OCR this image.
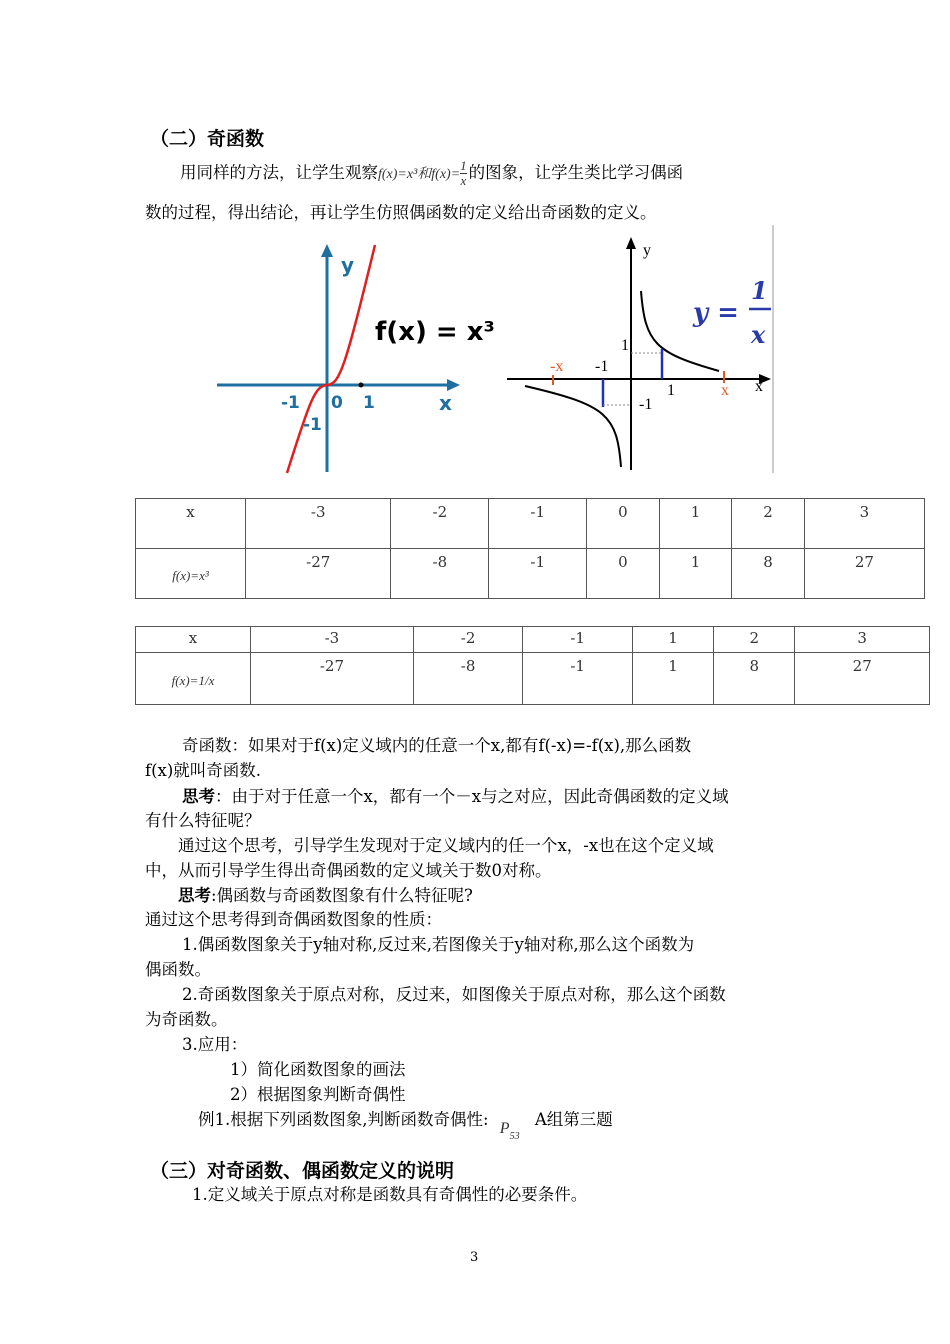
（二）奇函数
用同样的方法，让学生观察f(x)=x³和$f(x)= \frac{1}{x}$ 的图象，让学生类比学习偶函
数的过程，得出结论，再让学生仿照偶函数的定义给出奇函数的定义。
y
x
-1 0 1
-1
f(x) = x³
y
x
-x -1
1
-1
1	x
y =
1
x
x	-3	-2	-1	0	1	2	3
f(x)=x³	-27	-8	-1	0	1	8	27
x	-3	-2	-1	1	2	3
f(x)=1/x	-27	-8	-1	1	8	27
奇函数：如果对于f(x)定义域内的任意一个x,都有f(-x)=-f(x),那么函数
f(x)就叫奇函数.
思考：由于对于任意一个x，都有一个－x与之对应，因此奇偶函数的定义域
有什么特征呢？
通过这个思考，引导学生发现对于定义域内的任一个x，-x也在这个定义域
中，从而引导学生得出奇偶函数的定义域关于数0对称。
思考:偶函数与奇函数图象有什么特征呢?
通过这个思考得到奇偶函数图象的性质：
1.偶函数图象关于y轴对称,反过来,若图像关于y轴对称,那么这个函数为
偶函数。
2.奇函数图象关于原点对称，反过来，如图像关于原点对称，那么这个函数
为奇函数。
3.应用：
1）简化函数图象的画法
2）根据图象判断奇偶性
例1.根据下列函数图象,判断函数奇偶性: $P_{53}$ A组第三题
（三）对奇函数、偶函数定义的说明
1.定义域关于原点对称是函数具有奇偶性的必要条件。
3
